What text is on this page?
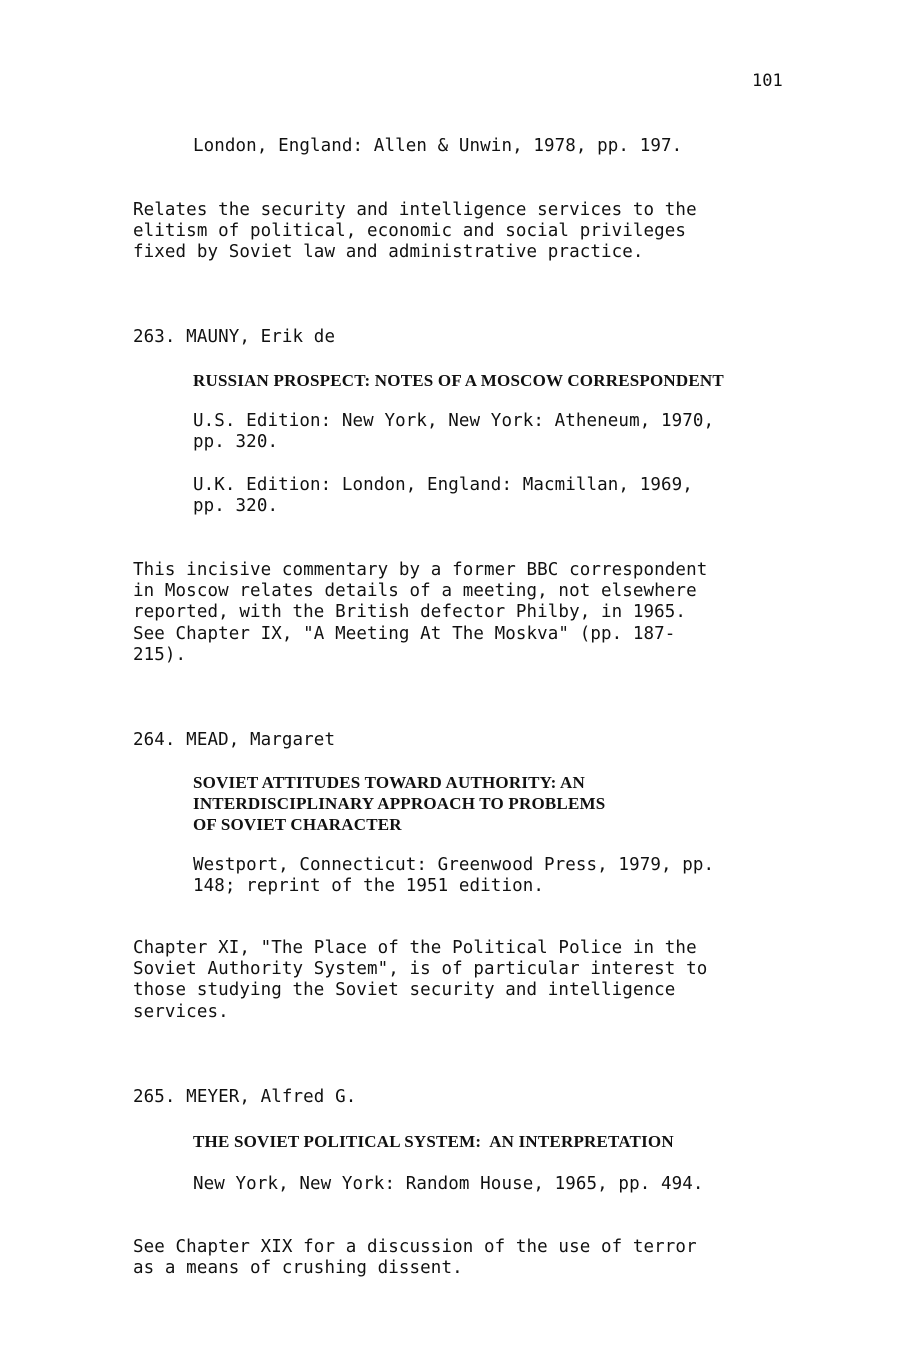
101
London, England: Allen & Unwin, 1978, pp. 197.
Relates the security and intelligence services to the
elitism of political, economic and social privileges
fixed by Soviet law and administrative practice.
263. MAUNY, Erik de
RUSSIAN PROSPECT: NOTES OF A MOSCOW CORRESPONDENT
U.S. Edition: New York, New York: Atheneum, 1970,
pp. 320.
U.K. Edition: London, England: Macmillan, 1969,
pp. 320.
This incisive commentary by a former BBC correspondent
in Moscow relates details of a meeting, not elsewhere
reported, with the British defector Philby, in 1965.
See Chapter IX, "A Meeting At The Moskva" (pp. 187-
215).
264. MEAD, Margaret
SOVIET ATTITUDES TOWARD AUTHORITY: AN
INTERDISCIPLINARY APPROACH TO PROBLEMS
OF SOVIET CHARACTER
Westport, Connecticut: Greenwood Press, 1979, pp.
148; reprint of the 1951 edition.
Chapter XI, "The Place of the Political Police in the
Soviet Authority System", is of particular interest to
those studying the Soviet security and intelligence
services.
265. MEYER, Alfred G.
THE SOVIET POLITICAL SYSTEM:  AN INTERPRETATION
New York, New York: Random House, 1965, pp. 494.
See Chapter XIX for a discussion of the use of terror
as a means of crushing dissent.
